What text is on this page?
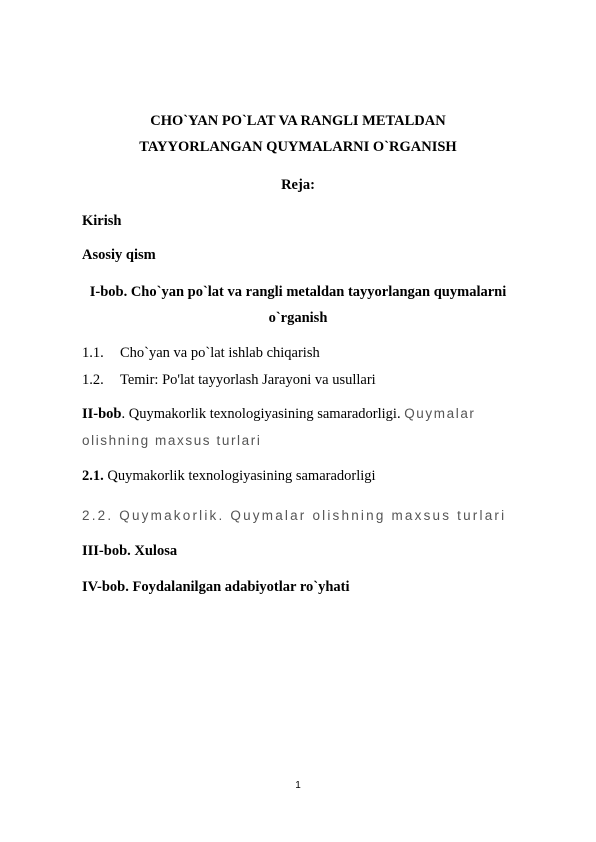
CHO`YAN PO`LAT VA RANGLI METALDAN
TAYYORLANGAN QUYMALARNI O`RGANISH
Reja:
Kirish
Asosiy qism
I-bob. Cho`yan po`lat va rangli metaldan tayyorlangan quymalarni
o`rganish
1.1. Cho`yan va po`lat ishlab chiqarish
1.2. Temir: Po'lat tayyorlash Jarayoni va usullari
II-bob. Quymakorlik texnologiyasining samaradorligi. Quymalar
olishning maxsus turlari
2.1. Quymakorlik texnologiyasining samaradorligi
2.2. Quymakorlik. Quymalar olishning maxsus turlari
III-bob. Xulosa
IV-bob. Foydalanilgan adabiyotlar ro`yhati
1
